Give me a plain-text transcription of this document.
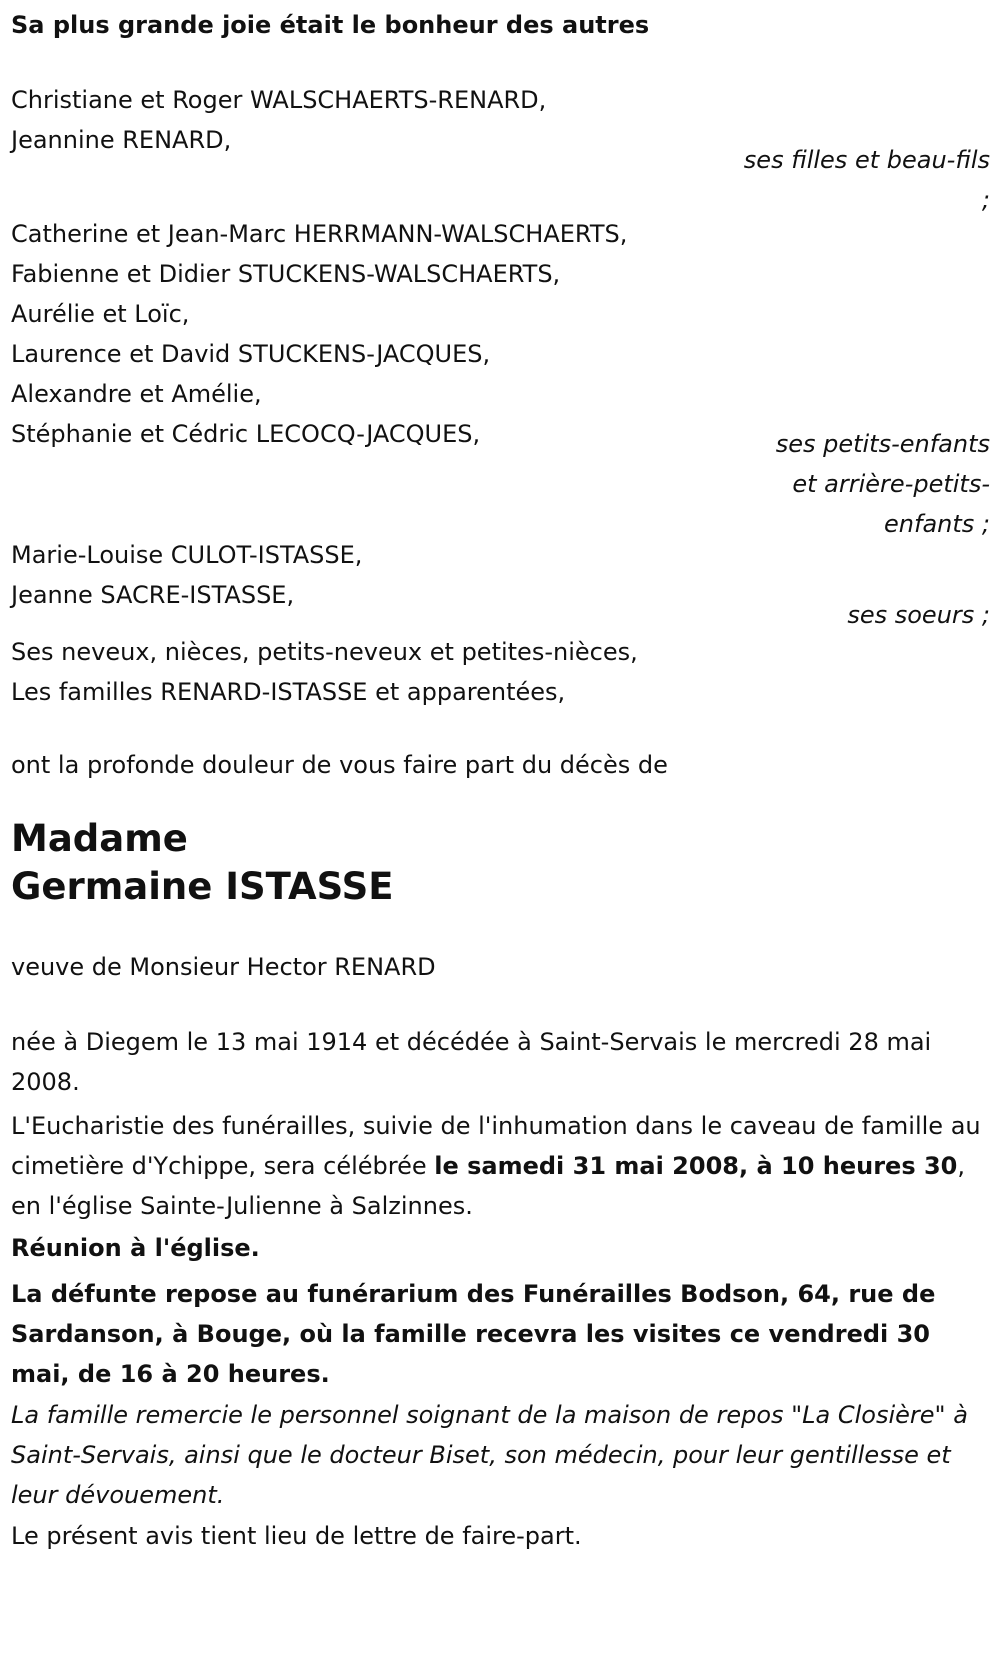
Sa plus grande joie était le bonheur des autres
Christiane et Roger WALSCHAERTS-RENARD,
Jeannine RENARD,
ses filles et beau-fils
;
Catherine et Jean-Marc HERRMANN-WALSCHAERTS,
Fabienne et Didier STUCKENS-WALSCHAERTS,
Aurélie et Loïc,
Laurence et David STUCKENS-JACQUES,
Alexandre et Amélie,
Stéphanie et Cédric LECOCQ-JACQUES,	ses petits-enfants
et arrière-petits-
enfants ;
Marie-Louise CULOT-ISTASSE,
Jeanne SACRE-ISTASSE,
ses soeurs ;
Ses neveux, nièces, petits-neveux et petites-nièces,
Les familles RENARD-ISTASSE et apparentées,
ont la profonde douleur de vous faire part du décès de
Madame
Germaine ISTASSE
veuve de Monsieur Hector RENARD
née à Diegem le 13 mai 1914 et décédée à Saint-Servais le mercredi 28 mai 2008.
L'Eucharistie des funérailles, suivie de l'inhumation dans le caveau de famille au cimetière d'Ychippe, sera célébrée le samedi 31 mai 2008, à 10 heures 30, en l'église Sainte-Julienne à Salzinnes.
Réunion à l'église.
La défunte repose au funérarium des Funérailles Bodson, 64, rue de Sardanson, à Bouge, où la famille recevra les visites ce vendredi 30 mai, de 16 à 20 heures.
La famille remercie le personnel soignant de la maison de repos "La Closière" à Saint-Servais, ainsi que le docteur Biset, son médecin, pour leur gentillesse et leur dévouement.
Le présent avis tient lieu de lettre de faire-part.
